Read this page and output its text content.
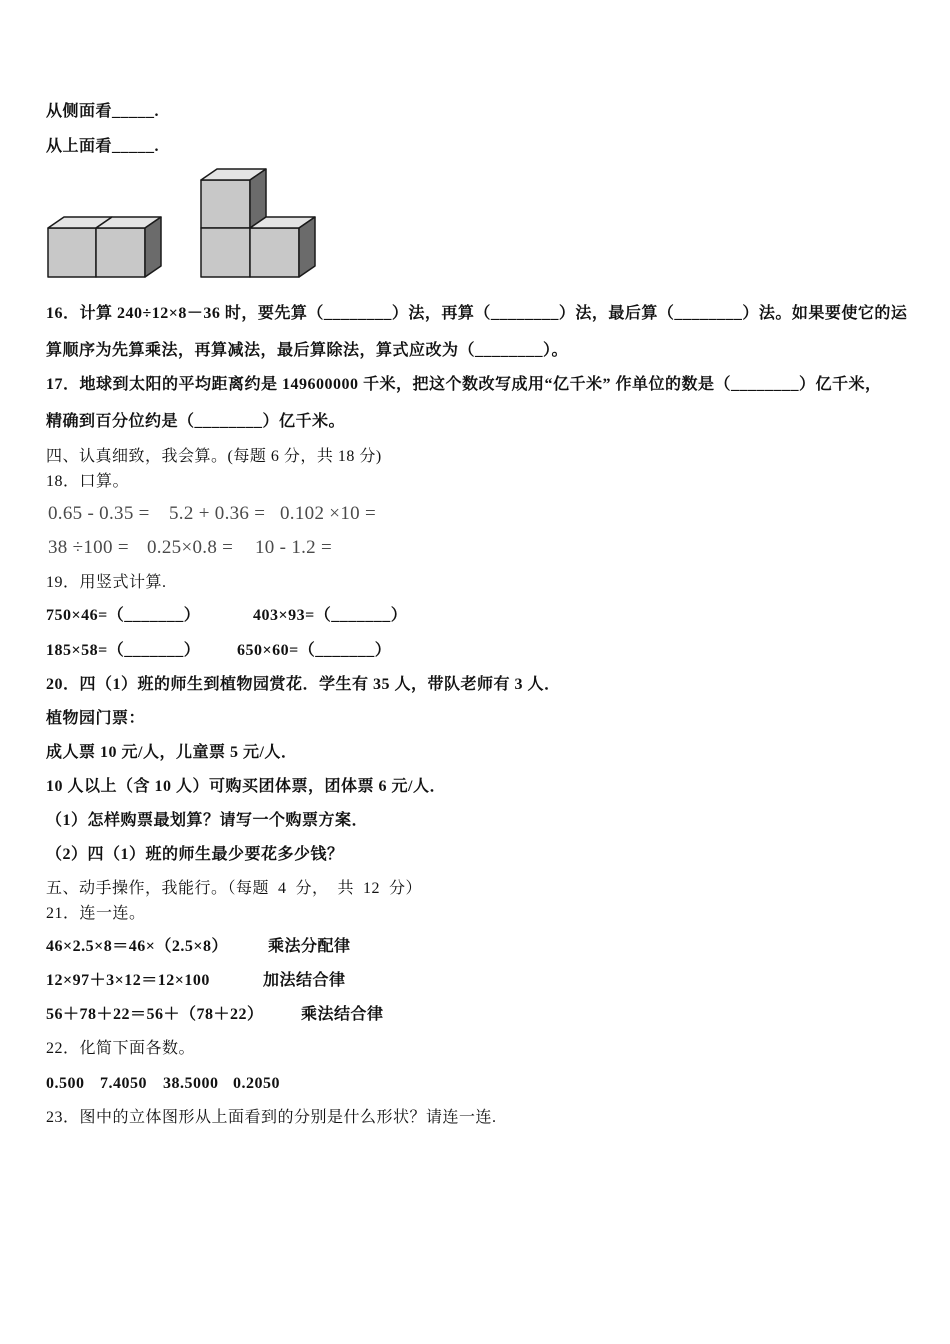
从侧面看_____.
从上面看_____.
16．计算 240÷12×8－36 时，要先算（________）法，再算（________）法，最后算（________）法。如果要使它的运
算顺序为先算乘法，再算减法，最后算除法，算式应改为（________）。
17．地球到太阳的平均距离约是 149600000 千米，把这个数改写成用“亿千米” 作单位的数是（________）亿千米，
精确到百分位约是（________）亿千米。
四、认真细致，我会算。(每题 6 分，共 18 分)
18．口算。
0.65 - 0.35 = 5.2 + 0.36 = 0.102 ×10 =
38 ÷100 = 0.25×0.8 = 10 - 1.2 =
19．用竖式计算.
750×46=（_______）	403×93=（_______）
185×58=（_______） 650×60=（_______）
20．四（1）班的师生到植物园赏花．学生有 35 人，带队老师有 3 人．
植物园门票：
成人票 10 元/人，儿童票 5 元/人．
10 人以上（含 10 人）可购买团体票，团体票 6 元/人．
（1）怎样购票最划算？请写一个购票方案．
（2）四（1）班的师生最少要花多少钱？
五、动手操作，我能行。（每题  4  分，  共  12  分）
21．连一连。
46×2.5×8＝46×（2.5×8）	乘法分配律
12×97＋3×12＝12×100	加法结合律
56＋78＋22＝56＋（78＋22） 乘法结合律
22．化简下面各数。
0.500 7.4050 38.5000 0.2050
23．图中的立体图形从上面看到的分别是什么形状？请连一连.
